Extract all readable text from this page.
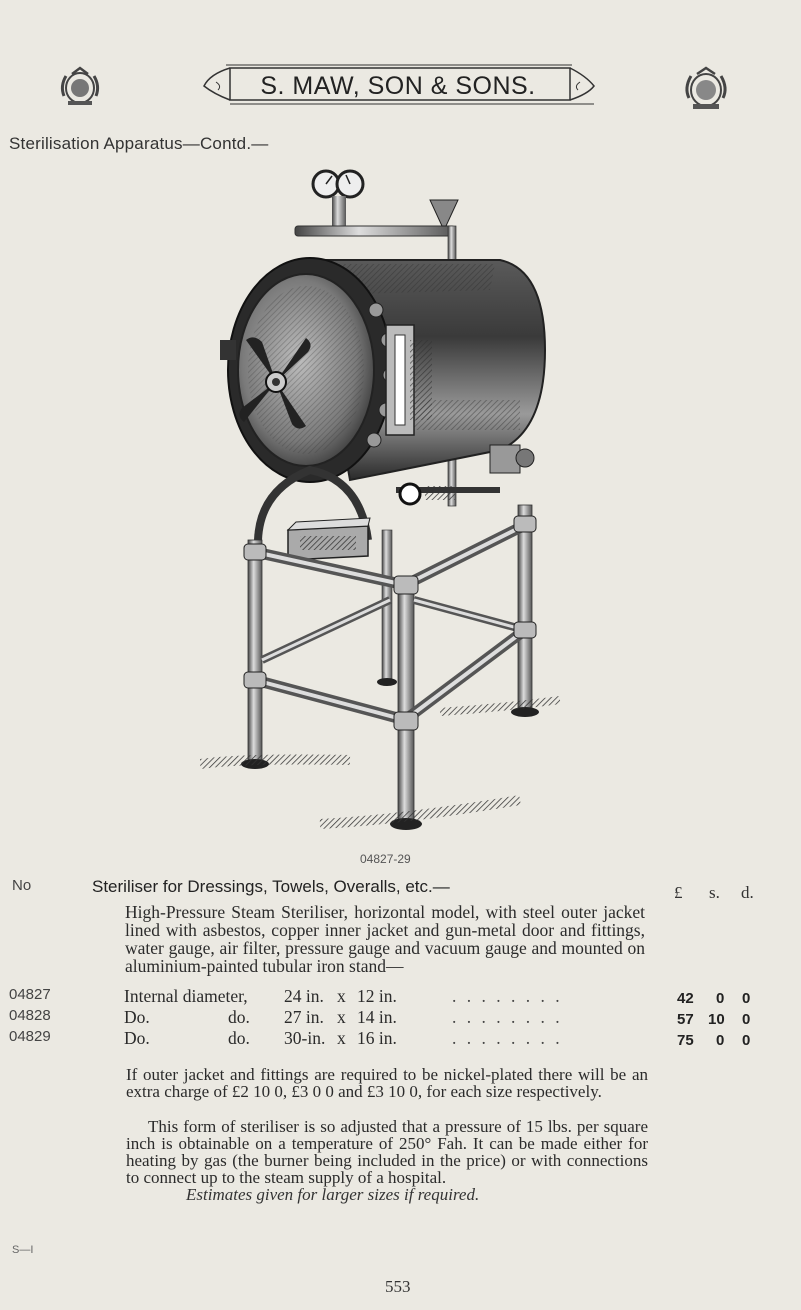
S. MAW, SON & SONS.
Sterilisation Apparatus—Contd.—
04827-29
No	Steriliser for Dressings, Towels, Overalls, etc.—	£ s. d.
High-Pressure Steam Steriliser, horizontal model, with steel outer jacket lined with asbestos, copper inner jacket and gun-metal door and fittings, water gauge, air filter, pressure gauge and vacuum gauge and mounted on aluminium-painted tubular iron stand—
04827	Internal diameter, 24 in. x 12 in.	. . . . . . . .	42 0 0
04828	Do.	do. 27 in. x 14 in.	. . . . . . . .	57 10 0
04829	Do.	do. 30-in. x 16 in.	. . . . . . . .	75 0 0
If outer jacket and fittings are required to be nickel-plated there will be an extra charge of £2 10 0, £3 0 0 and £3 10 0, for each size respectively.
This form of steriliser is so adjusted that a pressure of 15 lbs. per square inch is obtainable on a temperature of 250° Fah. It can be made either for heating by gas (the burner being included in the price) or with connections to connect up to the steam supply of a hospital.
Estimates given for larger sizes if required.
S—I
553
